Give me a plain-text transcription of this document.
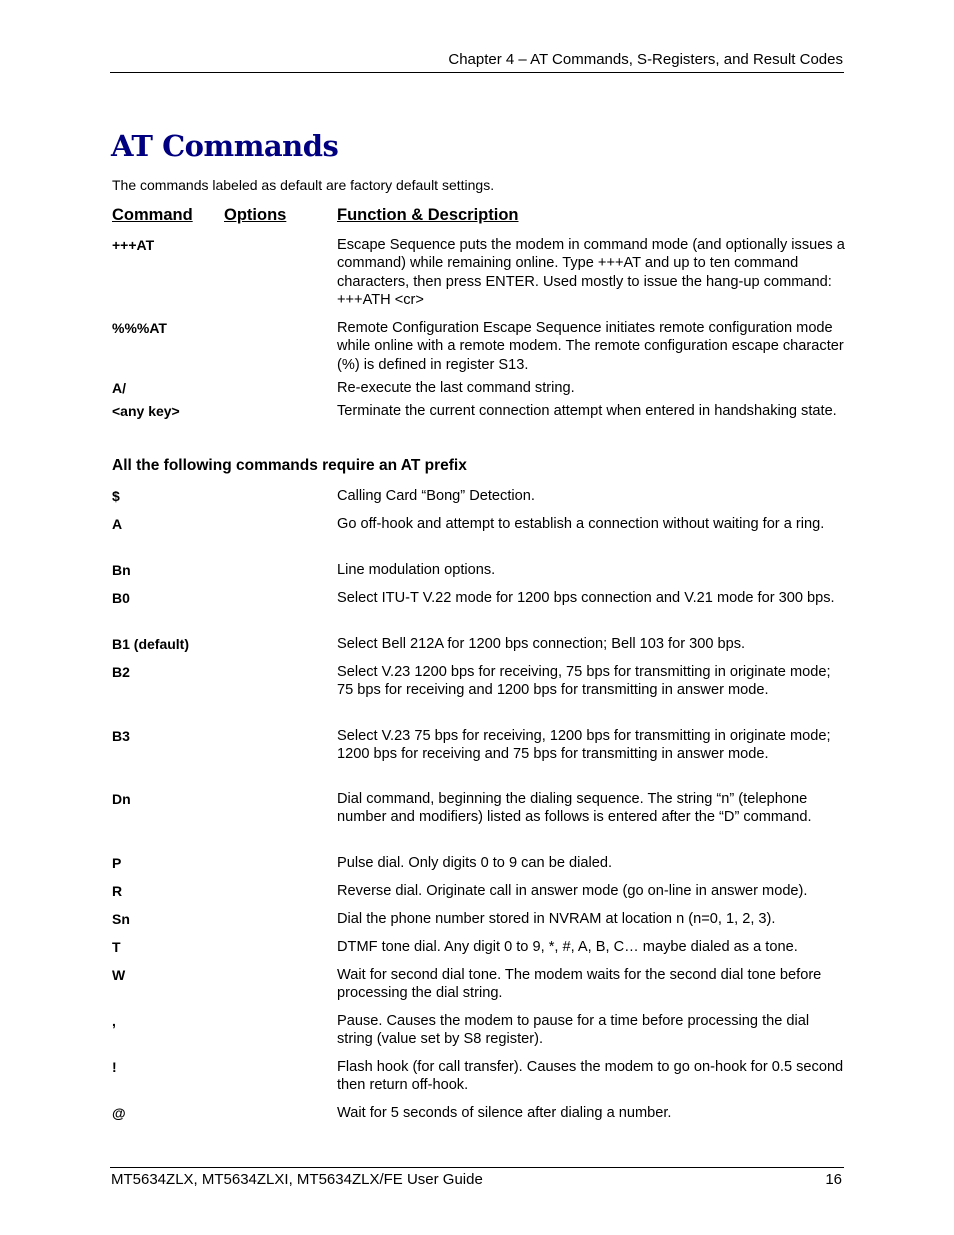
Chapter 4 – AT Commands, S-Registers, and Result Codes
AT Commands
The commands labeled as default are factory default settings.
Command Options	Function & Description
+++AT	Escape Sequence puts the modem in command mode (and optionally issues a command) while remaining online. Type +++AT and up to ten command characters, then press ENTER. Used mostly to issue the hang-up command: +++ATH <cr>
%%%AT	Remote Configuration Escape Sequence initiates remote configuration mode while online with a remote modem. The remote configuration escape character (%) is defined in register S13.
A/	Re-execute the last command string.
<any key>	Terminate the current connection attempt when entered in handshaking state.
All the following commands require an AT prefix
$	Calling Card “Bong” Detection.
A	Go off-hook and attempt to establish a connection without waiting for a ring.
Bn	Line modulation options.
B0	Select ITU-T V.22 mode for 1200 bps connection and V.21 mode for 300 bps.
B1 (default)	Select Bell 212A for 1200 bps connection; Bell 103 for 300 bps.
B2	Select V.23 1200 bps for receiving, 75 bps for transmitting in originate mode; 75 bps for receiving and 1200 bps for transmitting in answer mode.
B3	Select V.23 75 bps for receiving, 1200 bps for transmitting in originate mode; 1200 bps for receiving and 75 bps for transmitting in answer mode.
Dn	Dial command, beginning the dialing sequence. The string “n” (telephone number and modifiers) listed as follows is entered after the “D” command.
P	Pulse dial. Only digits 0 to 9 can be dialed.
R	Reverse dial. Originate call in answer mode (go on-line in answer mode).
Sn	Dial the phone number stored in NVRAM at location n (n=0, 1, 2, 3).
T	DTMF tone dial. Any digit 0 to 9, *, #, A, B, C… maybe dialed as a tone.
W	Wait for second dial tone. The modem waits for the second dial tone before processing the dial string.
,	Pause. Causes the modem to pause for a time before processing the dial string (value set by S8 register).
!	Flash hook (for call transfer). Causes the modem to go on-hook for 0.5 second then return off-hook.
@	Wait for 5 seconds of silence after dialing a number.
MT5634ZLX, MT5634ZLXI, MT5634ZLX/FE User Guide	16
